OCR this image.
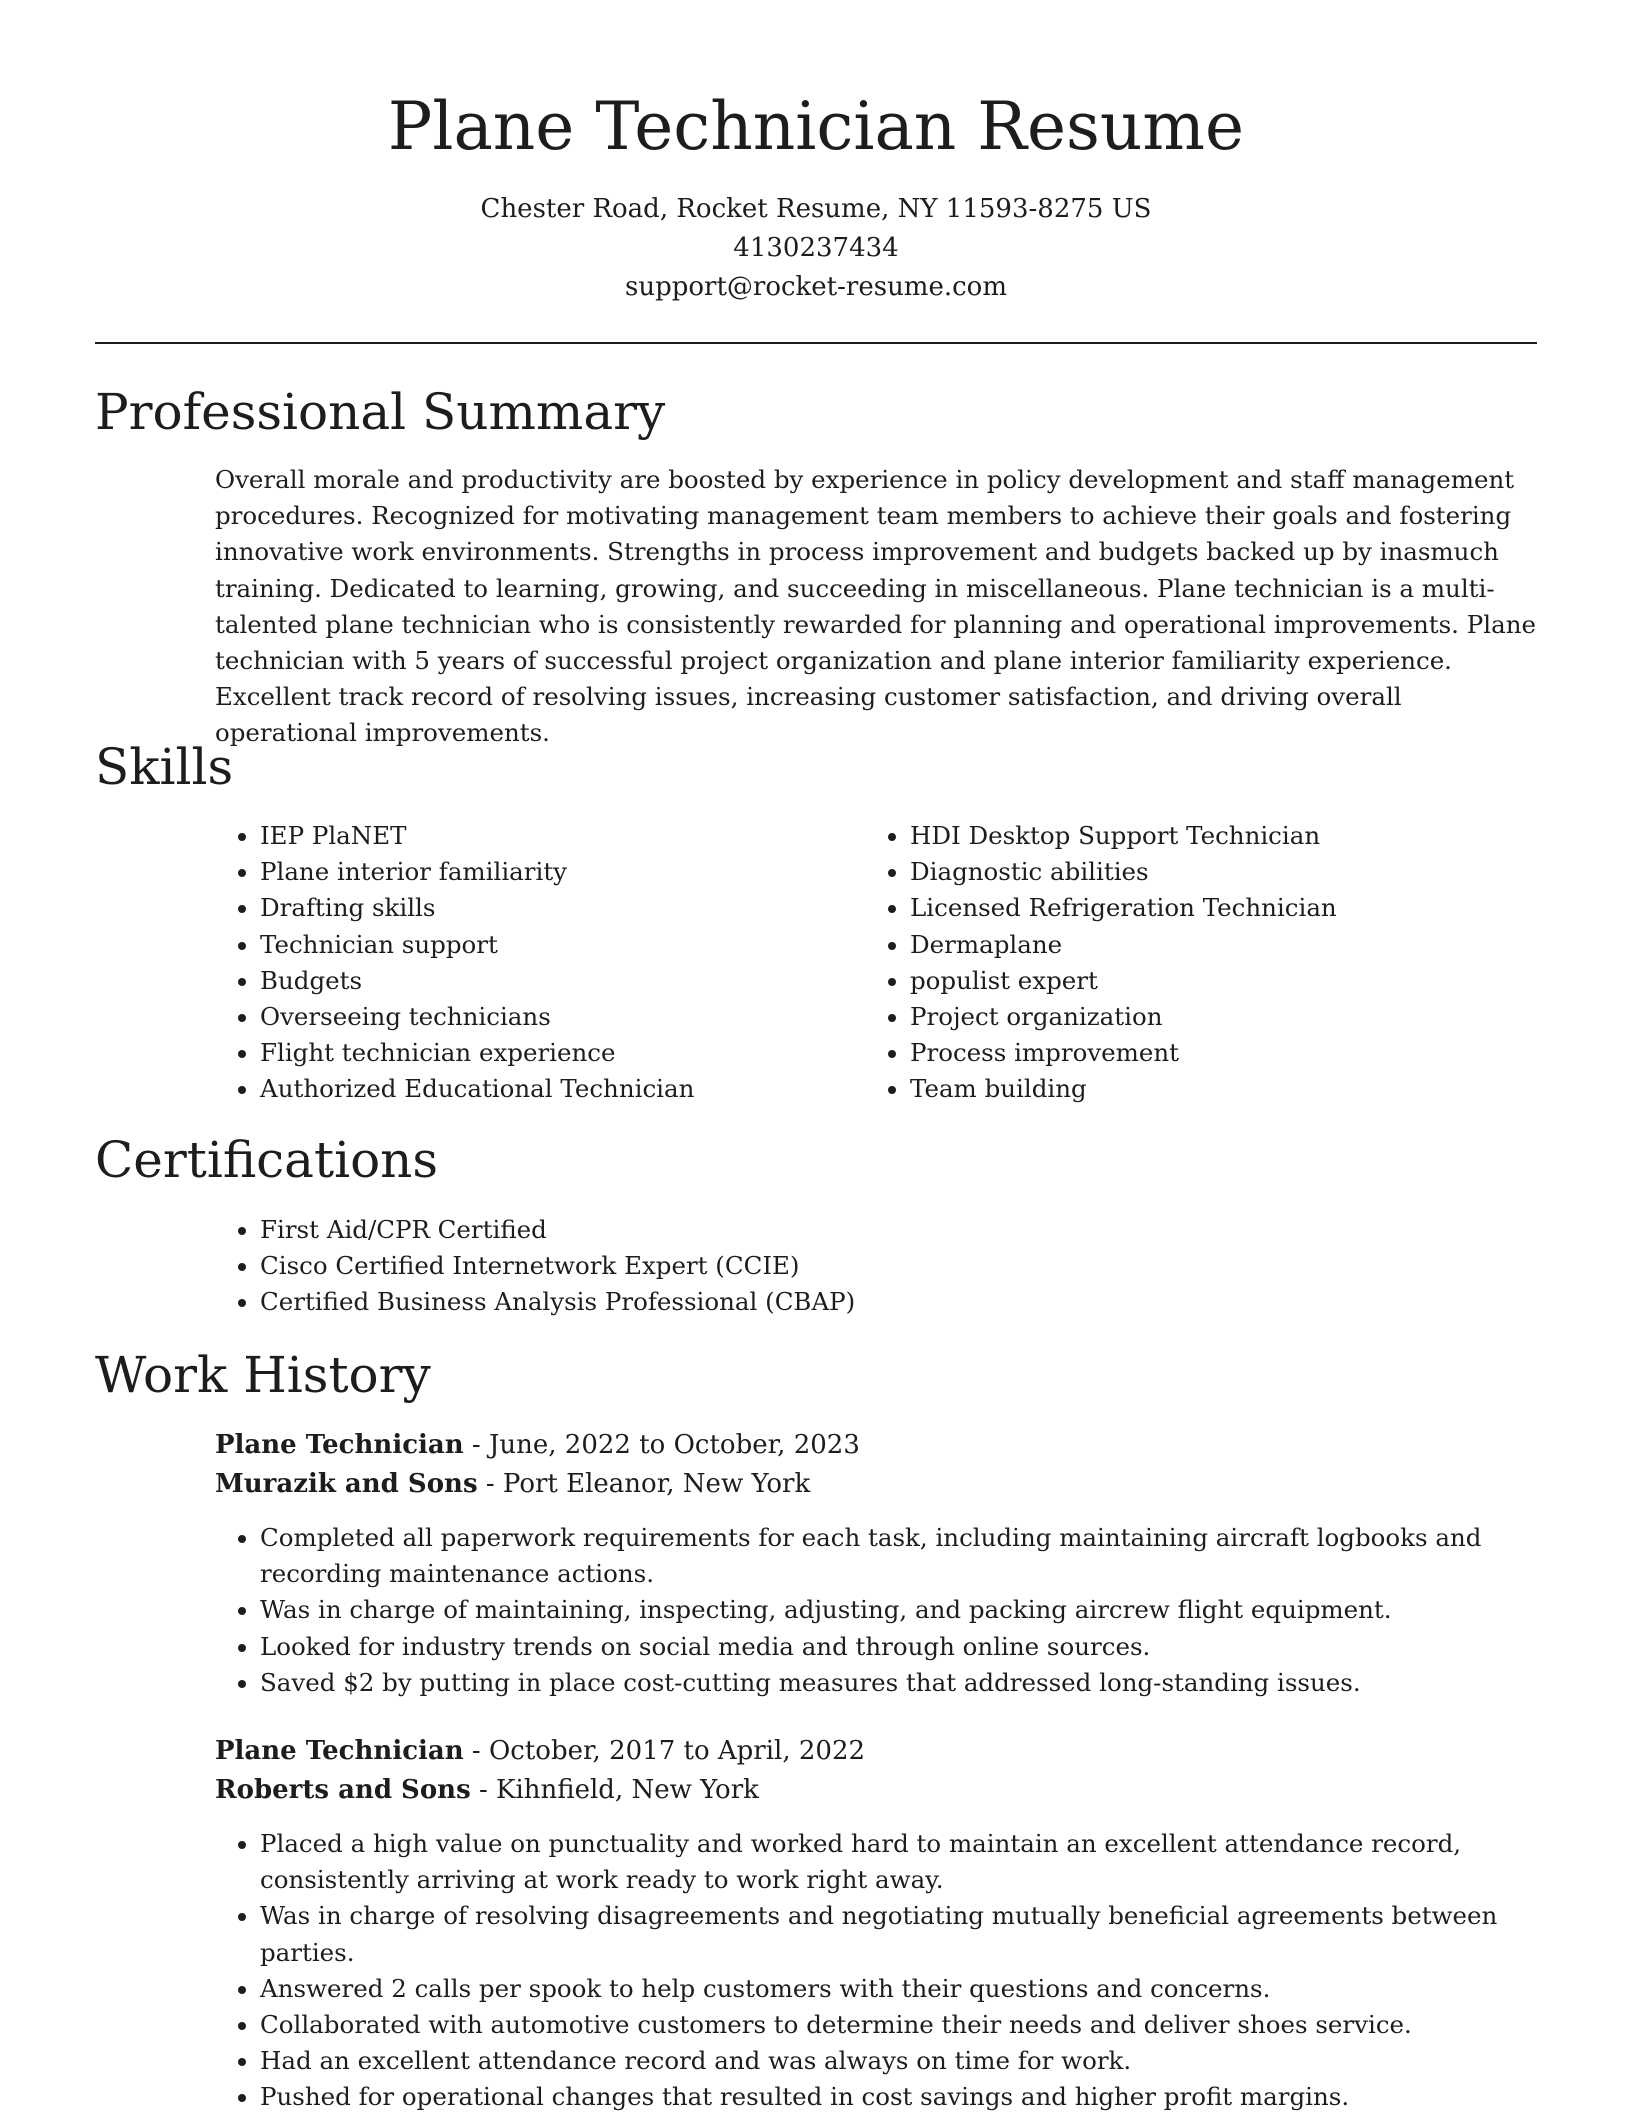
Plane Technician Resume
Chester Road, Rocket Resume, NY 11593-8275 US
4130237434
support@rocket-resume.com
Professional Summary

Overall morale and productivity are boosted by experience in policy development and staff management procedures. Recognized for motivating management team members to achieve their goals and fostering innovative work environments. Strengths in process improvement and budgets backed up by inasmuch training. Dedicated to learning, growing, and succeeding in miscellaneous. Plane technician is a multi-talented plane technician who is consistently rewarded for planning and operational improvements. Plane technician with 5 years of successful project organization and plane interior familiarity experience. Excellent track record of resolving issues, increasing customer satisfaction, and driving overall operational improvements.

Skills
• IEP PlaNET
• Plane interior familiarity
• Drafting skills
• Technician support
• Budgets
• Overseeing technicians
• Flight technician experience
• Authorized Educational Technician
• HDI Desktop Support Technician
• Diagnostic abilities
• Licensed Refrigeration Technician
• Dermaplane
• populist expert
• Project organization
• Process improvement
• Team building
Certifications
• First Aid/CPR Certified
• Cisco Certified Internetwork Expert (CCIE)
• Certified Business Analysis Professional (CBAP)
Work History
Plane Technician - June, 2022 to October, 2023
Murazik and Sons - Port Eleanor, New York
• Completed all paperwork requirements for each task, including maintaining aircraft logbooks and recording maintenance actions.
• Was in charge of maintaining, inspecting, adjusting, and packing aircrew flight equipment.
• Looked for industry trends on social media and through online sources.
• Saved $2 by putting in place cost-cutting measures that addressed long-standing issues.
Plane Technician - October, 2017 to April, 2022
Roberts and Sons - Kihnfield, New York
• Placed a high value on punctuality and worked hard to maintain an excellent attendance record, consistently arriving at work ready to work right away.
• Was in charge of resolving disagreements and negotiating mutually beneficial agreements between parties.
• Answered 2 calls per spook to help customers with their questions and concerns.
• Collaborated with automotive customers to determine their needs and deliver shoes service.
• Had an excellent attendance record and was always on time for work.
• Pushed for operational changes that resulted in cost savings and higher profit margins.
